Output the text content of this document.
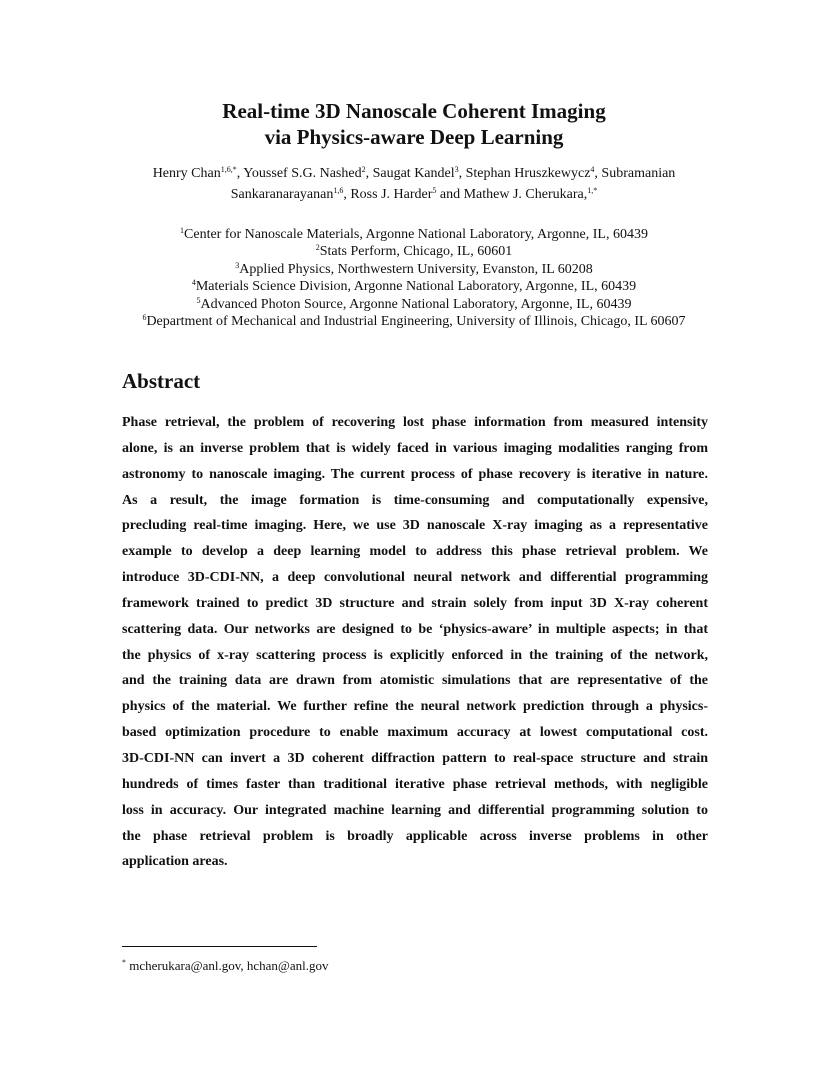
Real-time 3D Nanoscale Coherent Imaging
via Physics-aware Deep Learning
Henry Chan$^{1,6,*}$, Youssef S.G. Nashed$^2$, Saugat Kandel$^3$, Stephan Hruszkewycz$^4$, Subramanian Sankaranarayanan$^{1,6}$, Ross J. Harder$^5$ and Mathew J. Cherukara,$^{1,*}$
$^1$Center for Nanoscale Materials, Argonne National Laboratory, Argonne, IL, 60439
$^2$Stats Perform, Chicago, IL, 60601
$^3$Applied Physics, Northwestern University, Evanston, IL 60208
$^4$Materials Science Division, Argonne National Laboratory, Argonne, IL, 60439
$^5$Advanced Photon Source, Argonne National Laboratory, Argonne, IL, 60439
$^6$Department of Mechanical and Industrial Engineering, University of Illinois, Chicago, IL 60607
Abstract
Phase retrieval, the problem of recovering lost phase information from measured intensity
alone, is an inverse problem that is widely faced in various imaging modalities ranging from
astronomy to nanoscale imaging. The current process of phase recovery is iterative in nature.
As a result, the image formation is time-consuming and computationally expensive,
precluding real-time imaging. Here, we use 3D nanoscale X-ray imaging as a representative
example to develop a deep learning model to address this phase retrieval problem. We
introduce 3D-CDI-NN, a deep convolutional neural network and differential programming
framework trained to predict 3D structure and strain solely from input 3D X-ray coherent
scattering data. Our networks are designed to be ‘physics-aware’ in multiple aspects; in that
the physics of x-ray scattering process is explicitly enforced in the training of the network,
and the training data are drawn from atomistic simulations that are representative of the
physics of the material. We further refine the neural network prediction through a physics-
based optimization procedure to enable maximum accuracy at lowest computational cost.
3D-CDI-NN can invert a 3D coherent diffraction pattern to real-space structure and strain
hundreds of times faster than traditional iterative phase retrieval methods, with negligible
loss in accuracy. Our integrated machine learning and differential programming solution to
the phase retrieval problem is broadly applicable across inverse problems in other
application areas.
* mcherukara@anl.gov, hchan@anl.gov
